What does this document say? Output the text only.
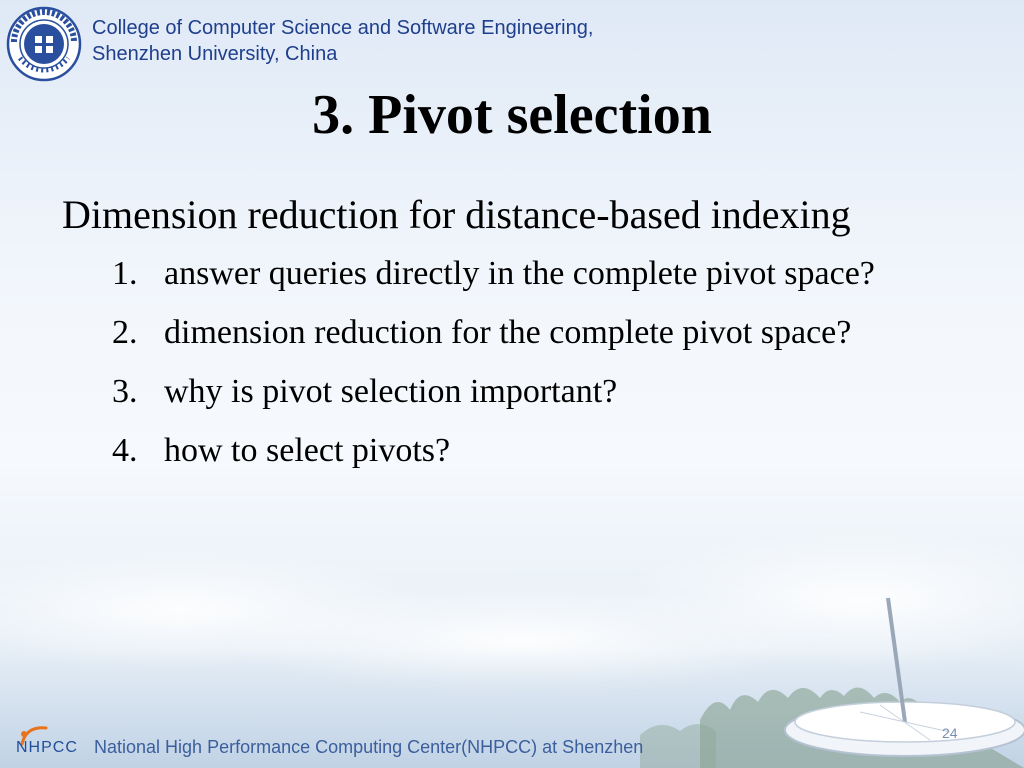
College of Computer Science and Software Engineering,
Shenzhen University, China
3. Pivot selection

Dimension reduction for distance-based indexing

1. answer queries directly in the complete pivot space?
2. dimension reduction for the complete pivot space?
3. why is pivot selection important?
4. how to select pivots?
NHPCC National High Performance Computing Center(NHPCC) at Shenzhen
24
